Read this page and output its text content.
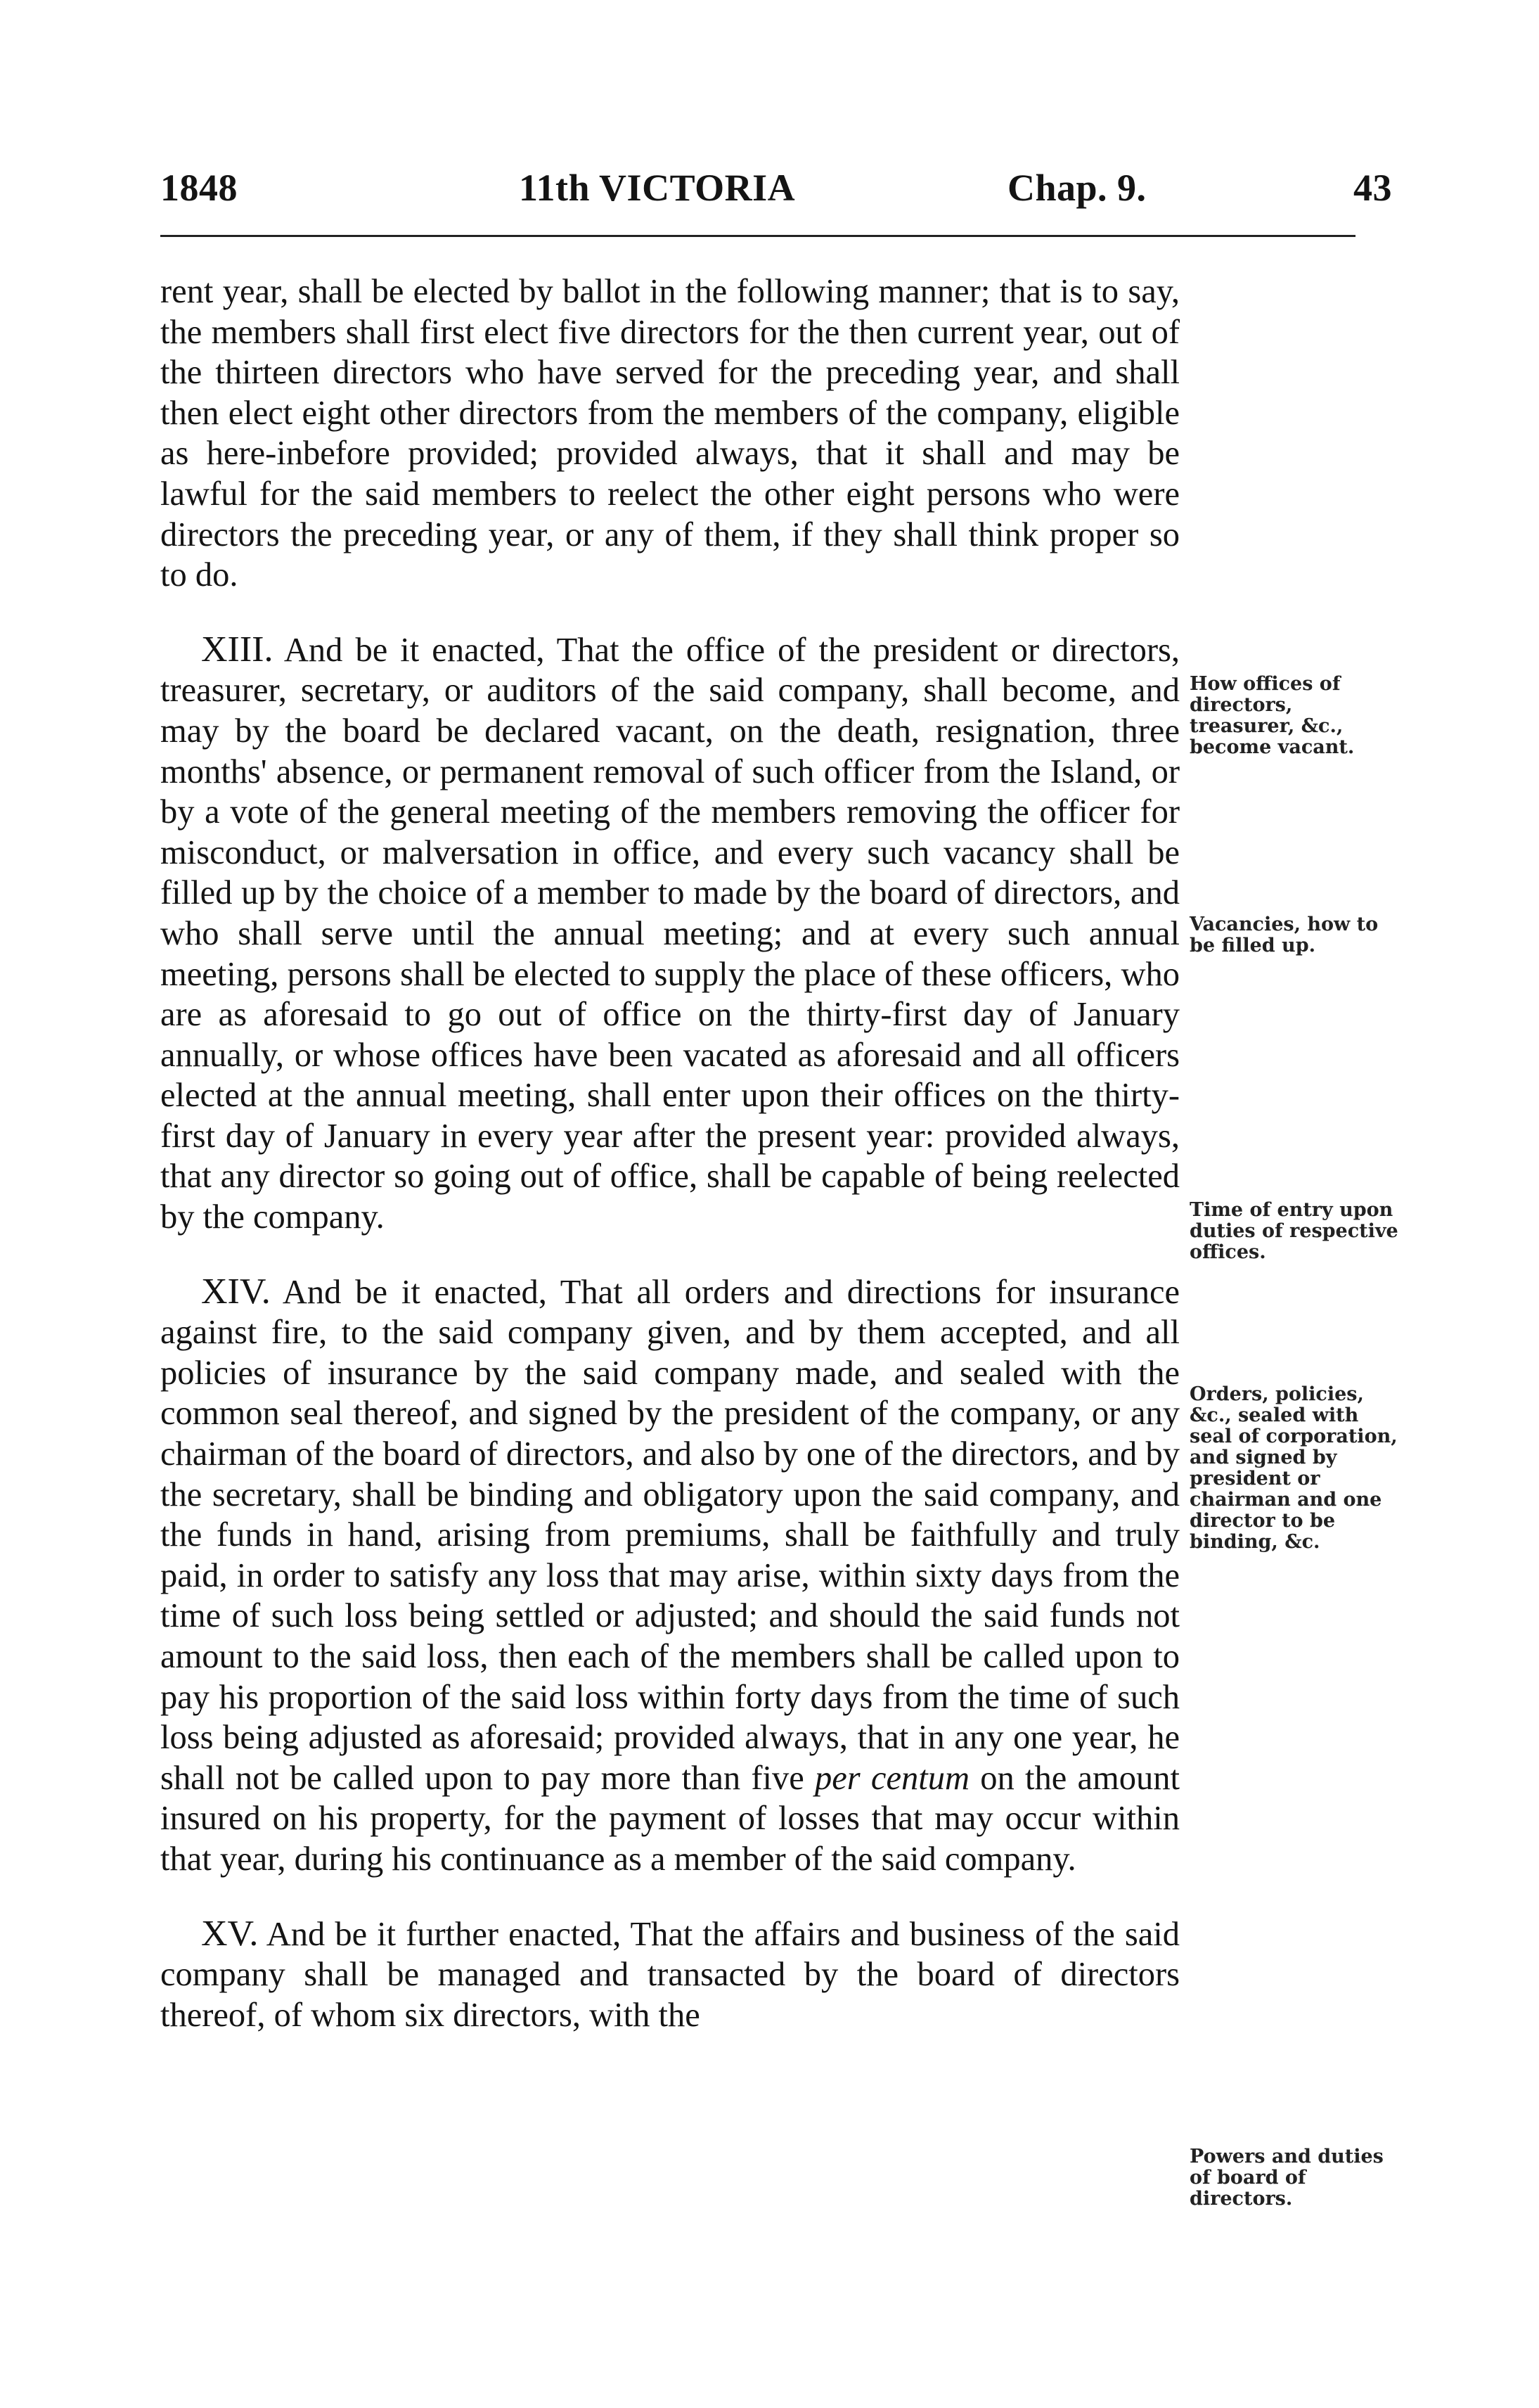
1848	11th VICTORIA	Chap. 9.	43

rent year, shall be elected by ballot in the following manner; that is to say, the members shall first elect five directors for the then current year, out of the thirteen directors who have served for the preceding year, and shall then elect eight other directors from the members of the company, eligible as here-inbefore provided; provided always, that it shall and may be lawful for the said members to reelect the other eight persons who were directors the preceding year, or any of them, if they shall think proper so to do.

XIII. And be it enacted, That the office of the president or directors, treasurer, secretary, or auditors of the said company, shall become, and may by the board be declared vacant, on the death, resignation, three months' absence, or permanent removal of such officer from the Island, or by a vote of the general meeting of the members removing the officer for misconduct, or malversation in office, and every such vacancy shall be filled up by the choice of a member to made by the board of directors, and who shall serve until the annual meeting; and at every such annual meeting, persons shall be elected to supply the place of these officers, who are as aforesaid to go out of office on the thirty-first day of January annually, or whose offices have been vacated as aforesaid and all officers elected at the annual meeting, shall enter upon their offices on the thirty-first day of January in every year after the present year: provided always, that any director so going out of office, shall be capable of being reelected by the company.

XIV. And be it enacted, That all orders and directions for insurance against fire, to the said company given, and by them accepted, and all policies of insurance by the said company made, and sealed with the common seal thereof, and signed by the president of the company, or any chairman of the board of directors, and also by one of the directors, and by the secretary, shall be binding and obligatory upon the said company, and the funds in hand, arising from premiums, shall be faithfully and truly paid, in order to satisfy any loss that may arise, within sixty days from the time of such loss being settled or adjusted; and should the said funds not amount to the said loss, then each of the members shall be called upon to pay his proportion of the said loss within forty days from the time of such loss being adjusted as aforesaid; provided always, that in any one year, he shall not be called upon to pay more than five per centum on the amount insured on his property, for the payment of losses that may occur within that year, during his continuance as a member of the said company.

XV. And be it further enacted, That the affairs and business of the said company shall be managed and transacted by the board of directors thereof, of whom six directors, with the

How offices of directors, treasurer, &c., become vacant.
Vacancies, how to be filled up.
Time of entry upon duties of respective offices.
Orders, policies, &c., sealed with seal of corporation, and signed by president or chairman and one director to be binding, &c.
Powers and duties of board of directors.
